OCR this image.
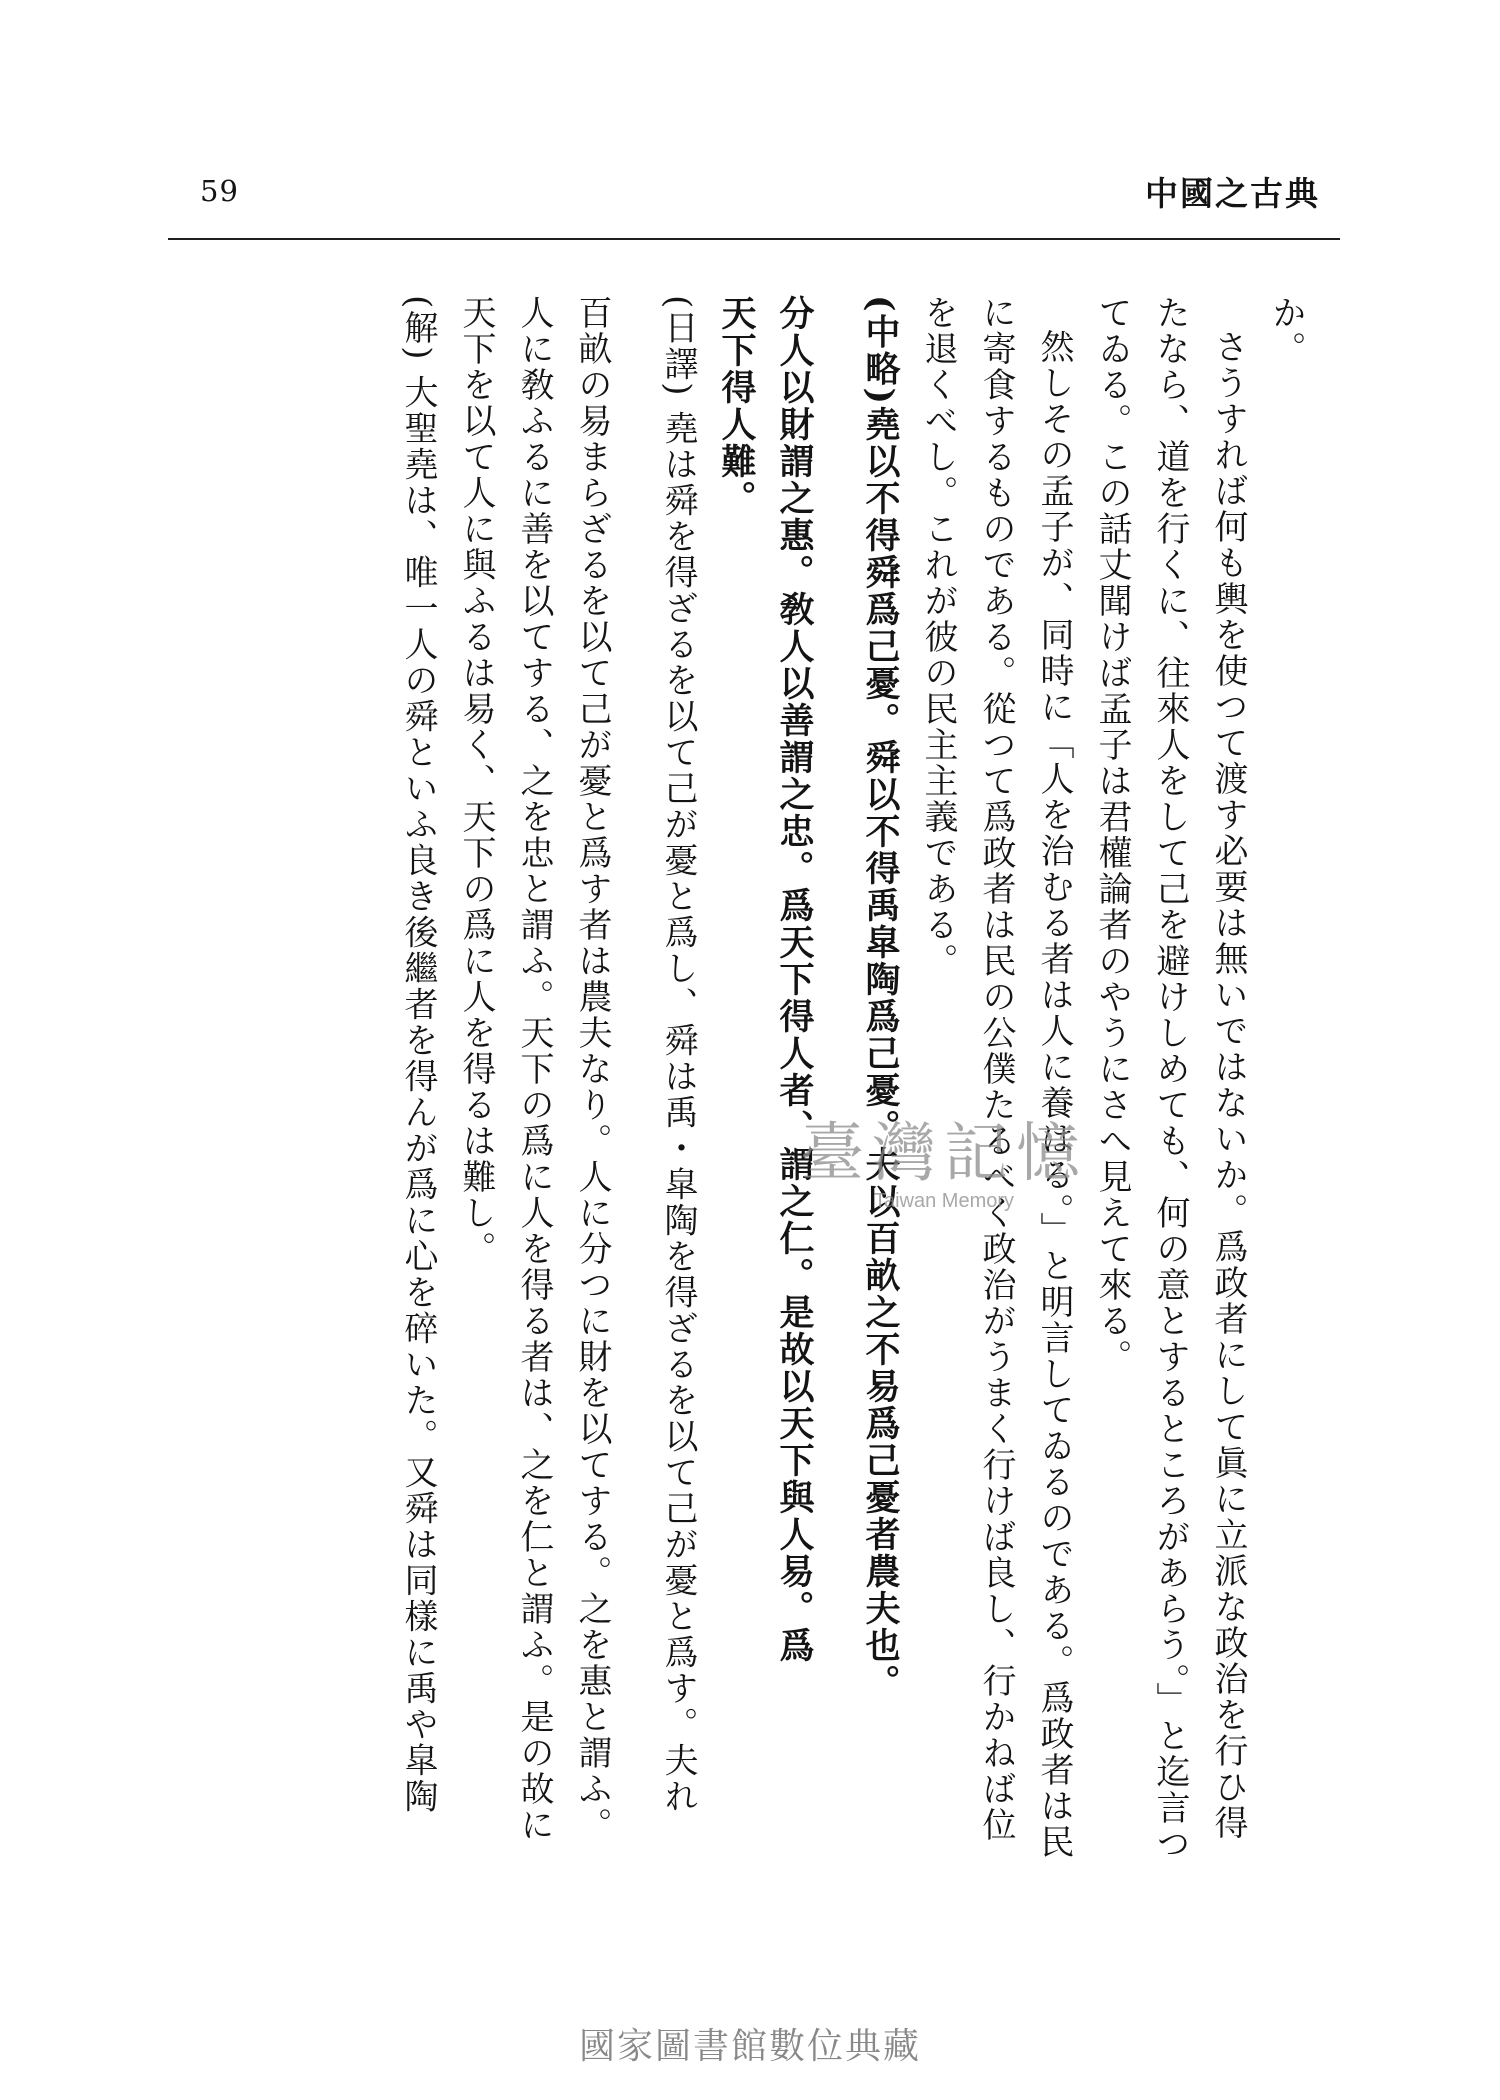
59	中國之古典
か。
さうすれば何も輿を使つて渡す必要は無いではないか。爲政者にして眞に立派な政治を行ひ得
たなら、道を行くに、往來人をして己を避けしめても、何の意とするところがあらう。」と迄言つ
てゐる。この話丈聞けば孟子は君權論者のやうにさへ見えて來る。
然しその孟子が、同時に「人を治むる者は人に養はる。」と明言してゐるのである。爲政者は民
に寄食するものである。從つて爲政者は民の公僕たるべく政治がうまく行けば良し、行かねば位
を退くべし。これが彼の民主主義である。
(中略)堯以不得舜爲己憂。舜以不得禹皐陶爲己憂。夫以百畝之不易爲己憂者農夫也。
分人以財謂之惠。敎人以善謂之忠。爲天下得人者、謂之仁。是故以天下與人易。爲
天下得人難。
(日譯) 堯は舜を得ざるを以て己が憂と爲し、舜は禹・皐陶を得ざるを以て己が憂と爲す。夫れ
百畝の易まらざるを以て己が憂と爲す者は農夫なり。人に分つに財を以てする。之を惠と謂ふ。
人に敎ふるに善を以てする、之を忠と謂ふ。天下の爲に人を得る者は、之を仁と謂ふ。是の故に
天下を以て人に與ふるは易く、天下の爲に人を得るは難し。
(解) 大聖堯は、唯一人の舜といふ良き後繼者を得んが爲に心を碎いた。又舜は同樣に禹や皐陶	臺灣記憶
Taiwan Memory
國家圖書館數位典藏
